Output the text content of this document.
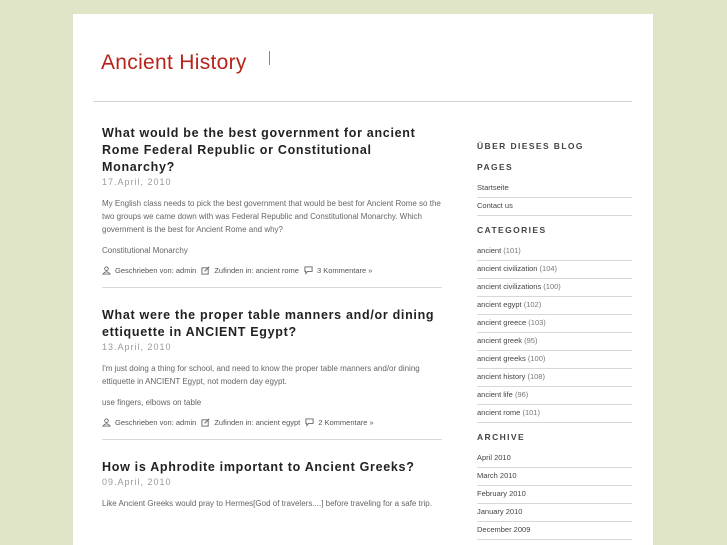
Ancient History
What would be the best government for ancient Rome Federal Republic or Constitutional Monarchy?
17.April, 2010
My English class needs to pick the best government that would be best for Ancient Rome so the two groups we came down with was Federal Republic and Constitutional Monarchy. Which government is the best for Ancient Rome and why?
Constitutional Monarchy
Geschrieben von:
admin Zufinden in:
ancient rome 3 Kommentare »
What were the proper table manners and/or dining ettiquette in ANCIENT Egypt?
13.April, 2010
I'm just doing a thing for school, and need to know the proper table manners and/or dining ettiquette in ANCIENT Egypt, not modern day egypt.
use fingers, elbows on table
Geschrieben von:
admin Zufinden in:
ancient egypt 2 Kommentare »
How is Aphrodite important to Ancient Greeks?
09.April, 2010
Like Ancient Greeks would pray to Hermes[God of travelers....] before traveling for a safe trip.
ÜBER DIESES BLOG
PAGES
Startseite
Contact us
CATEGORIES
ancient (101)
ancient civilization (104)
ancient civilizations (100)
ancient egypt (102)
ancient greece (103)
ancient greek (95)
ancient greeks (100)
ancient history (108)
ancient life (96)
ancient rome (101)
ARCHIVE
April 2010
March 2010
February 2010
January 2010
December 2009
